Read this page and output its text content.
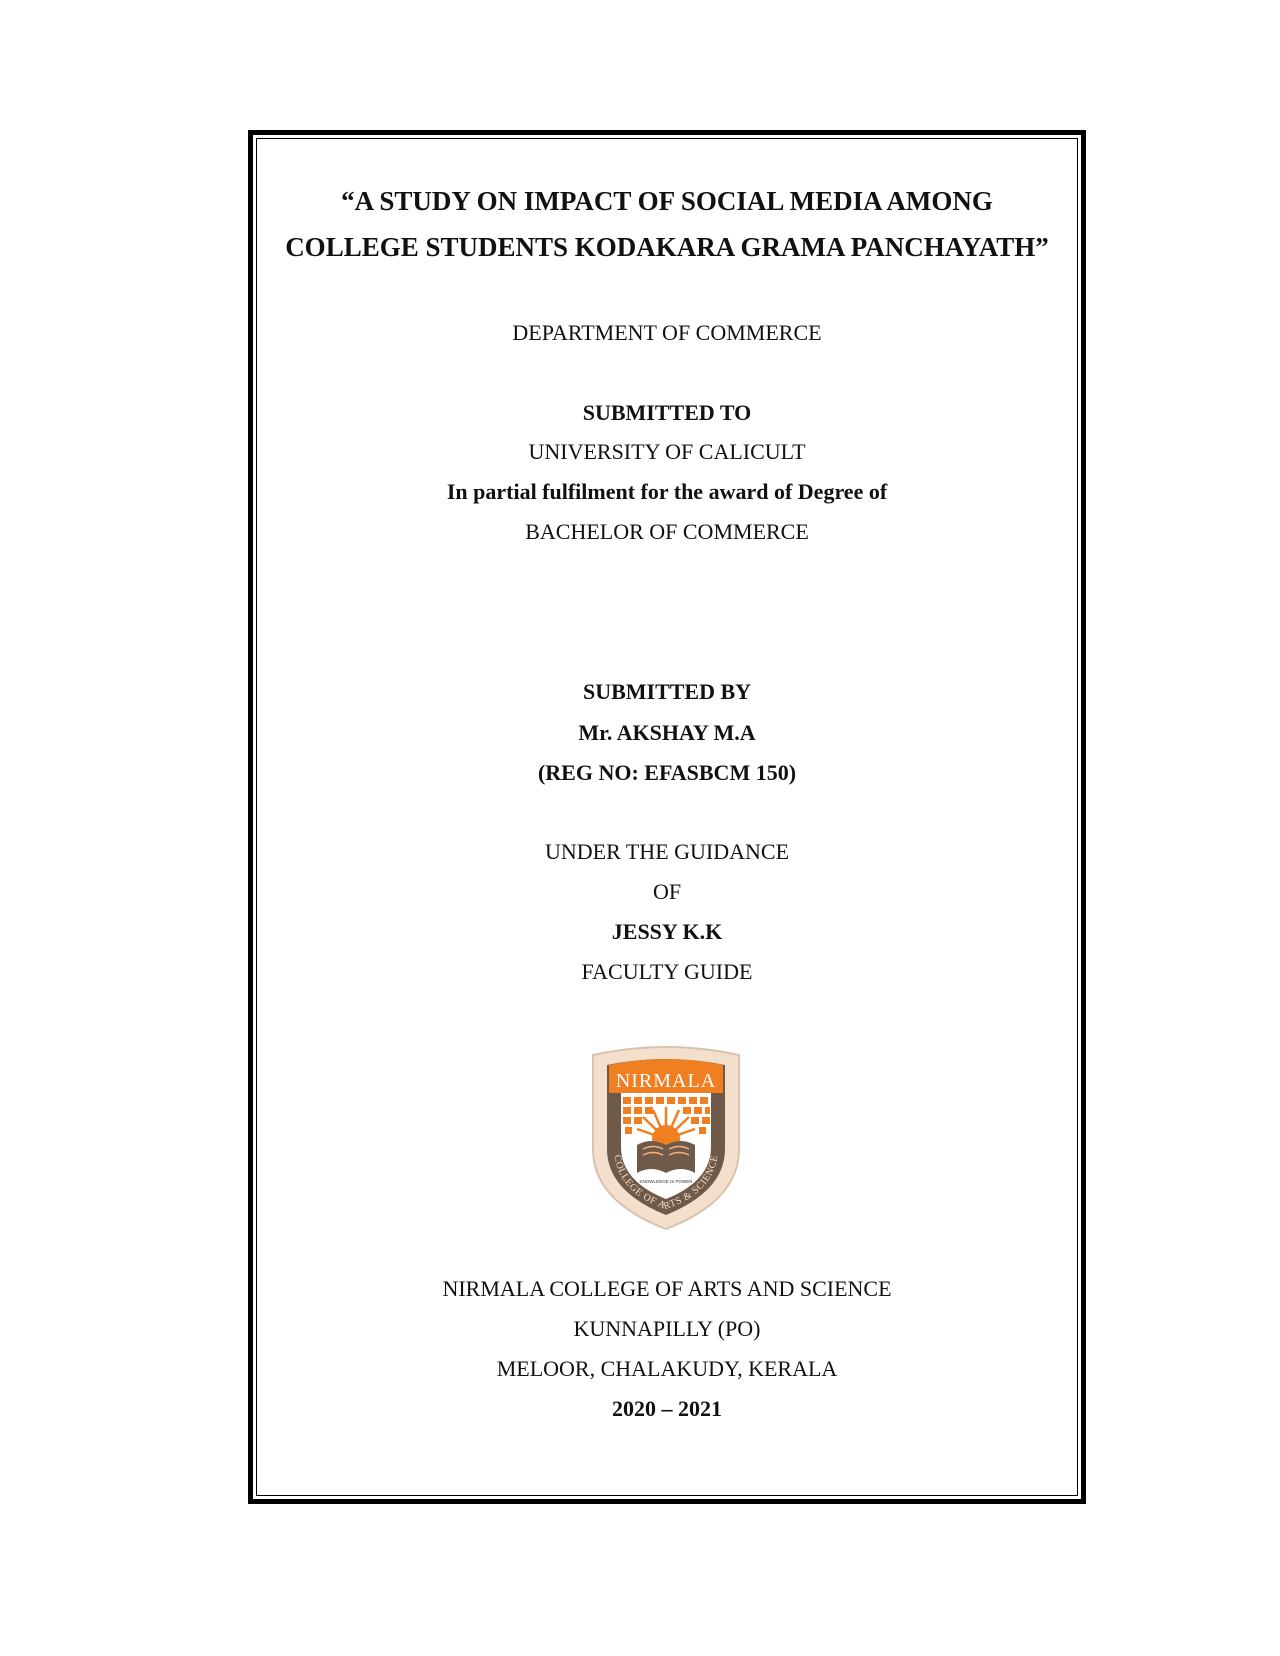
“A STUDY ON IMPACT OF SOCIAL MEDIA AMONG

COLLEGE STUDENTS KODAKARA GRAMA PANCHAYATH”

DEPARTMENT OF COMMERCE

SUBMITTED TO

UNIVERSITY OF CALICULT

In partial fulfilment for the award of Degree of

BACHELOR OF COMMERCE

SUBMITTED BY

Mr. AKSHAY M.A

(REG NO: EFASBCM 150)

UNDER THE GUIDANCE

OF

JESSY K.K

FACULTY GUIDE

NIRMALA
KNOWLEDGE IS POWER
COLLEGE OF ARTS & SCIENCE

NIRMALA COLLEGE OF ARTS AND SCIENCE

KUNNAPILLY (PO)

MELOOR, CHALAKUDY, KERALA

2020 – 2021
